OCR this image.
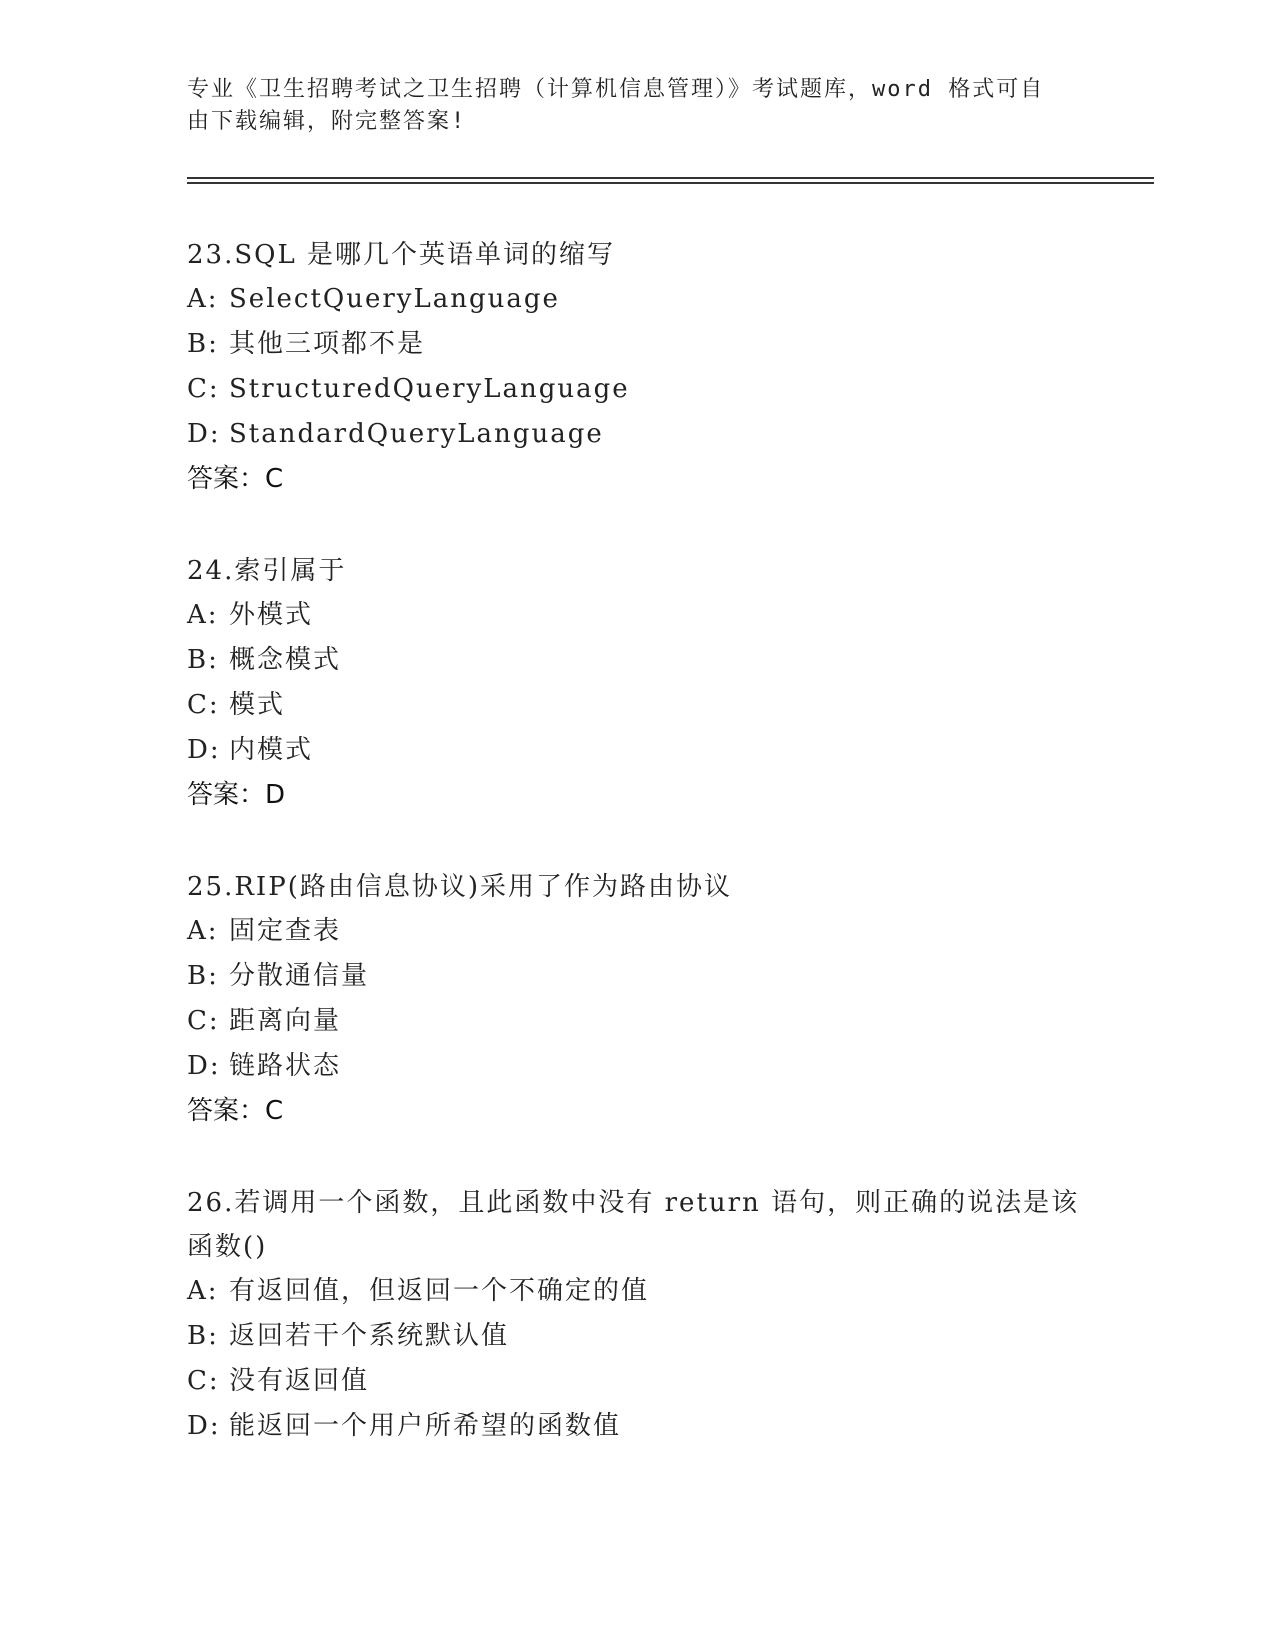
专业《卫生招聘考试之卫生招聘（计算机信息管理）》考试题库，word 格式可自由下载编辑，附完整答案!
23.SQL 是哪几个英语单词的缩写
A: SelectQueryLanguage
B: 其他三项都不是
C: StructuredQueryLanguage
D: StandardQueryLanguage
答案：C
24.索引属于
A: 外模式
B: 概念模式
C: 模式
D: 内模式
答案：D
25.RIP(路由信息协议)采用了作为路由协议
A: 固定查表
B: 分散通信量
C: 距离向量
D: 链路状态
答案：C
26.若调用一个函数，且此函数中没有 return 语句，则正确的说法是该函数()
A: 有返回值，但返回一个不确定的值
B: 返回若干个系统默认值
C: 没有返回值
D: 能返回一个用户所希望的函数值
